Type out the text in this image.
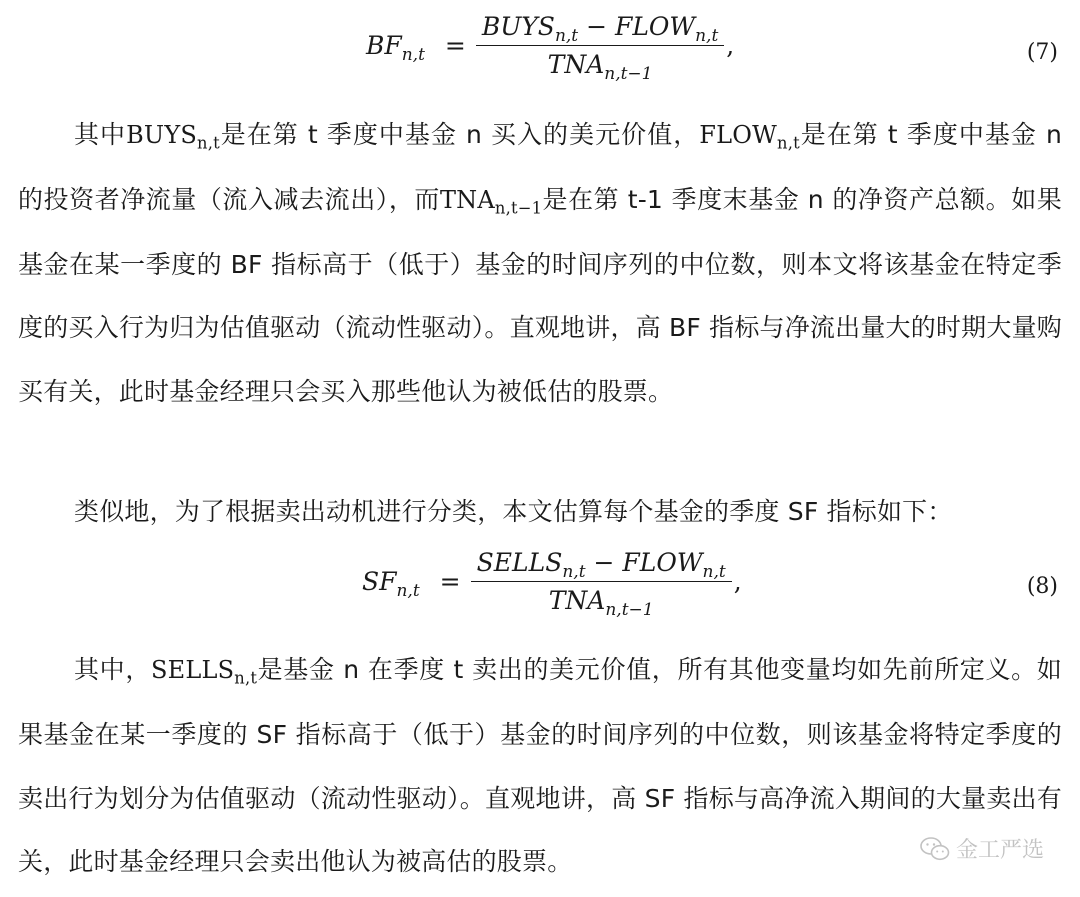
$BF_{n,t} = \frac{BUYS_{n,t} - FLOW_{n,t}}{TNA_{n,t-1}}$ ,	(7)
其中$BUYS_{n,t}$是在第 t 季度中基金 n 买入的美元价值，$FLOW_{n,t}$是在第 t 季度中基金 n 的投资者净流量（流入减去流出），而$TNA_{n,t-1}$是在第 t-1 季度末基金 n 的净资产总额。如果基金在某一季度的 BF 指标高于（低于）基金的时间序列的中位数，则本文将该基金在特定季度的买入行为归为估值驱动（流动性驱动）。直观地讲，高 BF 指标与净流出量大的时期大量购买有关，此时基金经理只会买入那些他认为被低估的股票。
类似地，为了根据卖出动机进行分类，本文估算每个基金的季度 SF 指标如下：
$SF_{n,t} = \frac{SELLS_{n,t} - FLOW_{n,t}}{TNA_{n,t-1}}$ ,	(8)
其中，$SELLS_{n,t}$是基金 n 在季度 t 卖出的美元价值，所有其他变量均如先前所定义。如果基金在某一季度的 SF 指标高于（低于）基金的时间序列的中位数，则该基金将特定季度的卖出行为划分为估值驱动（流动性驱动）。直观地讲，高 SF 指标与高净流入期间的大量卖出有关，此时基金经理只会卖出他认为被高估的股票。	金工严选
